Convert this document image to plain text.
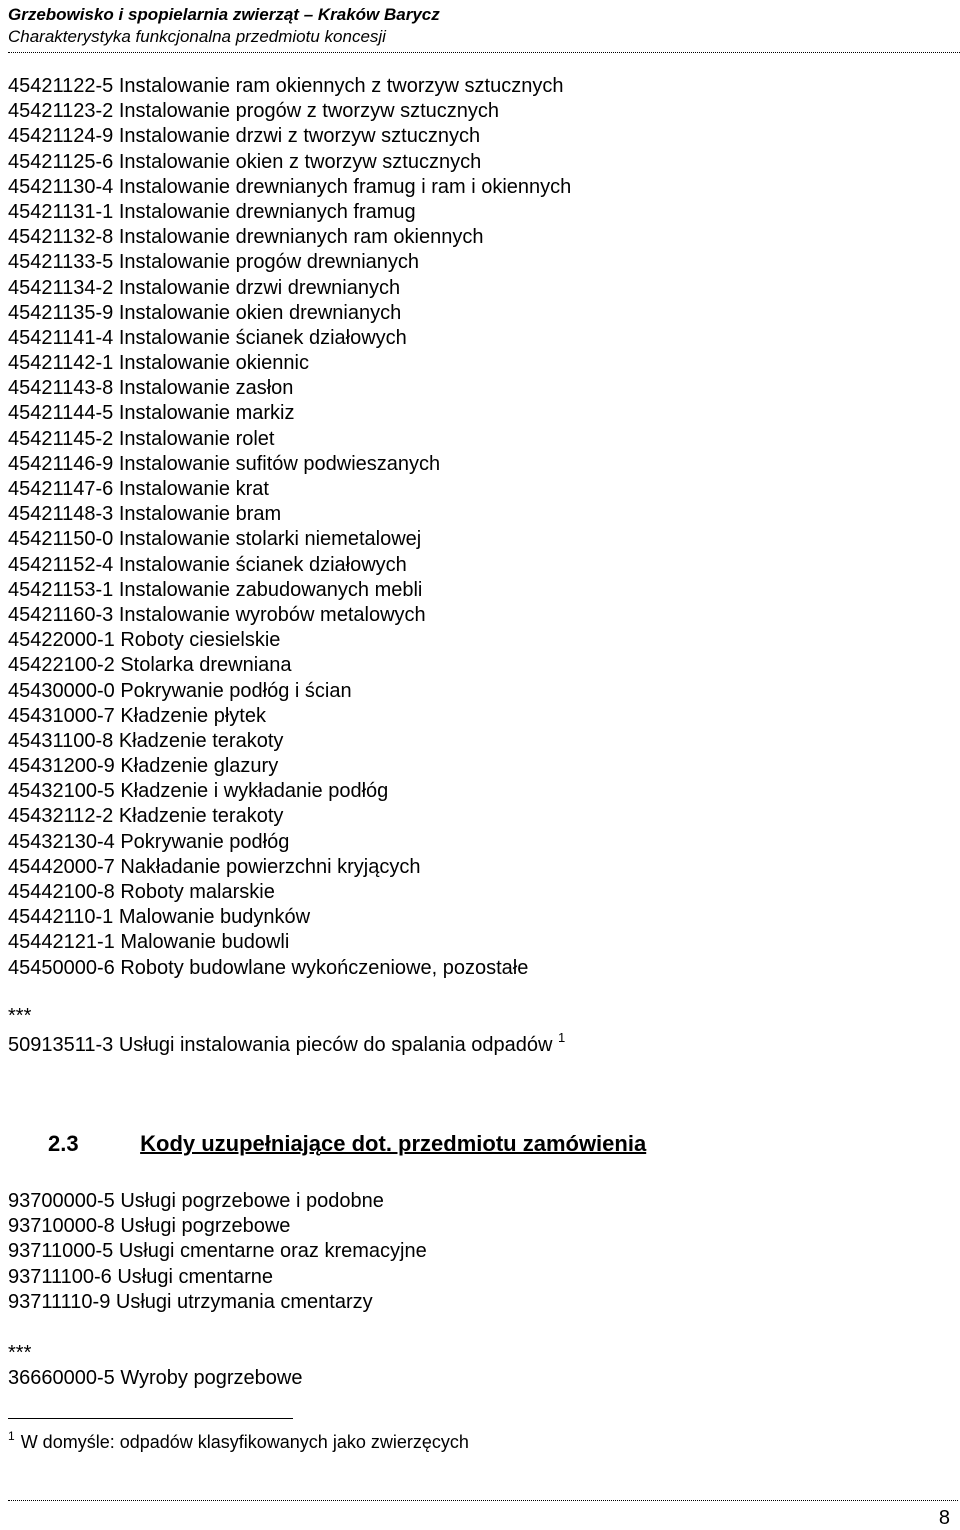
Grzebowisko i spopielarnia zwierząt – Kraków Barycz
Charakterystyka funkcjonalna przedmiotu koncesji
45421122-5 Instalowanie ram okiennych z tworzyw sztucznych
45421123-2 Instalowanie progów z tworzyw sztucznych
45421124-9 Instalowanie drzwi z tworzyw sztucznych
45421125-6 Instalowanie okien z tworzyw sztucznych
45421130-4 Instalowanie drewnianych framug i ram i okiennych
45421131-1 Instalowanie drewnianych framug
45421132-8 Instalowanie drewnianych ram okiennych
45421133-5 Instalowanie progów drewnianych
45421134-2 Instalowanie drzwi drewnianych
45421135-9 Instalowanie okien drewnianych
45421141-4 Instalowanie ścianek działowych
45421142-1 Instalowanie okiennic
45421143-8 Instalowanie zasłon
45421144-5 Instalowanie markiz
45421145-2 Instalowanie rolet
45421146-9 Instalowanie sufitów podwieszanych
45421147-6 Instalowanie krat
45421148-3 Instalowanie bram
45421150-0 Instalowanie stolarki niemetalowej
45421152-4 Instalowanie ścianek działowych
45421153-1 Instalowanie zabudowanych mebli
45421160-3 Instalowanie wyrobów metalowych
45422000-1 Roboty ciesielskie
45422100-2 Stolarka drewniana
45430000-0 Pokrywanie podłóg i ścian
45431000-7 Kładzenie płytek
45431100-8 Kładzenie terakoty
45431200-9 Kładzenie glazury
45432100-5 Kładzenie i wykładanie podłóg
45432112-2 Kładzenie terakoty
45432130-4 Pokrywanie podłóg
45442000-7 Nakładanie powierzchni kryjących
45442100-8 Roboty malarskie
45442110-1 Malowanie budynków
45442121-1 Malowanie budowli
45450000-6 Roboty budowlane wykończeniowe, pozostałe
***
50913511-3 Usługi instalowania pieców do spalania odpadów $^1$
2.3	Kody uzupełniające dot. przedmiotu zamówienia
93700000-5 Usługi pogrzebowe i podobne
93710000-8 Usługi pogrzebowe
93711000-5 Usługi cmentarne oraz kremacyjne
93711100-6 Usługi cmentarne
93711110-9 Usługi utrzymania cmentarzy
***
36660000-5 Wyroby pogrzebowe
$^1$ W domyśle: odpadów klasyfikowanych jako zwierzęcych
8
